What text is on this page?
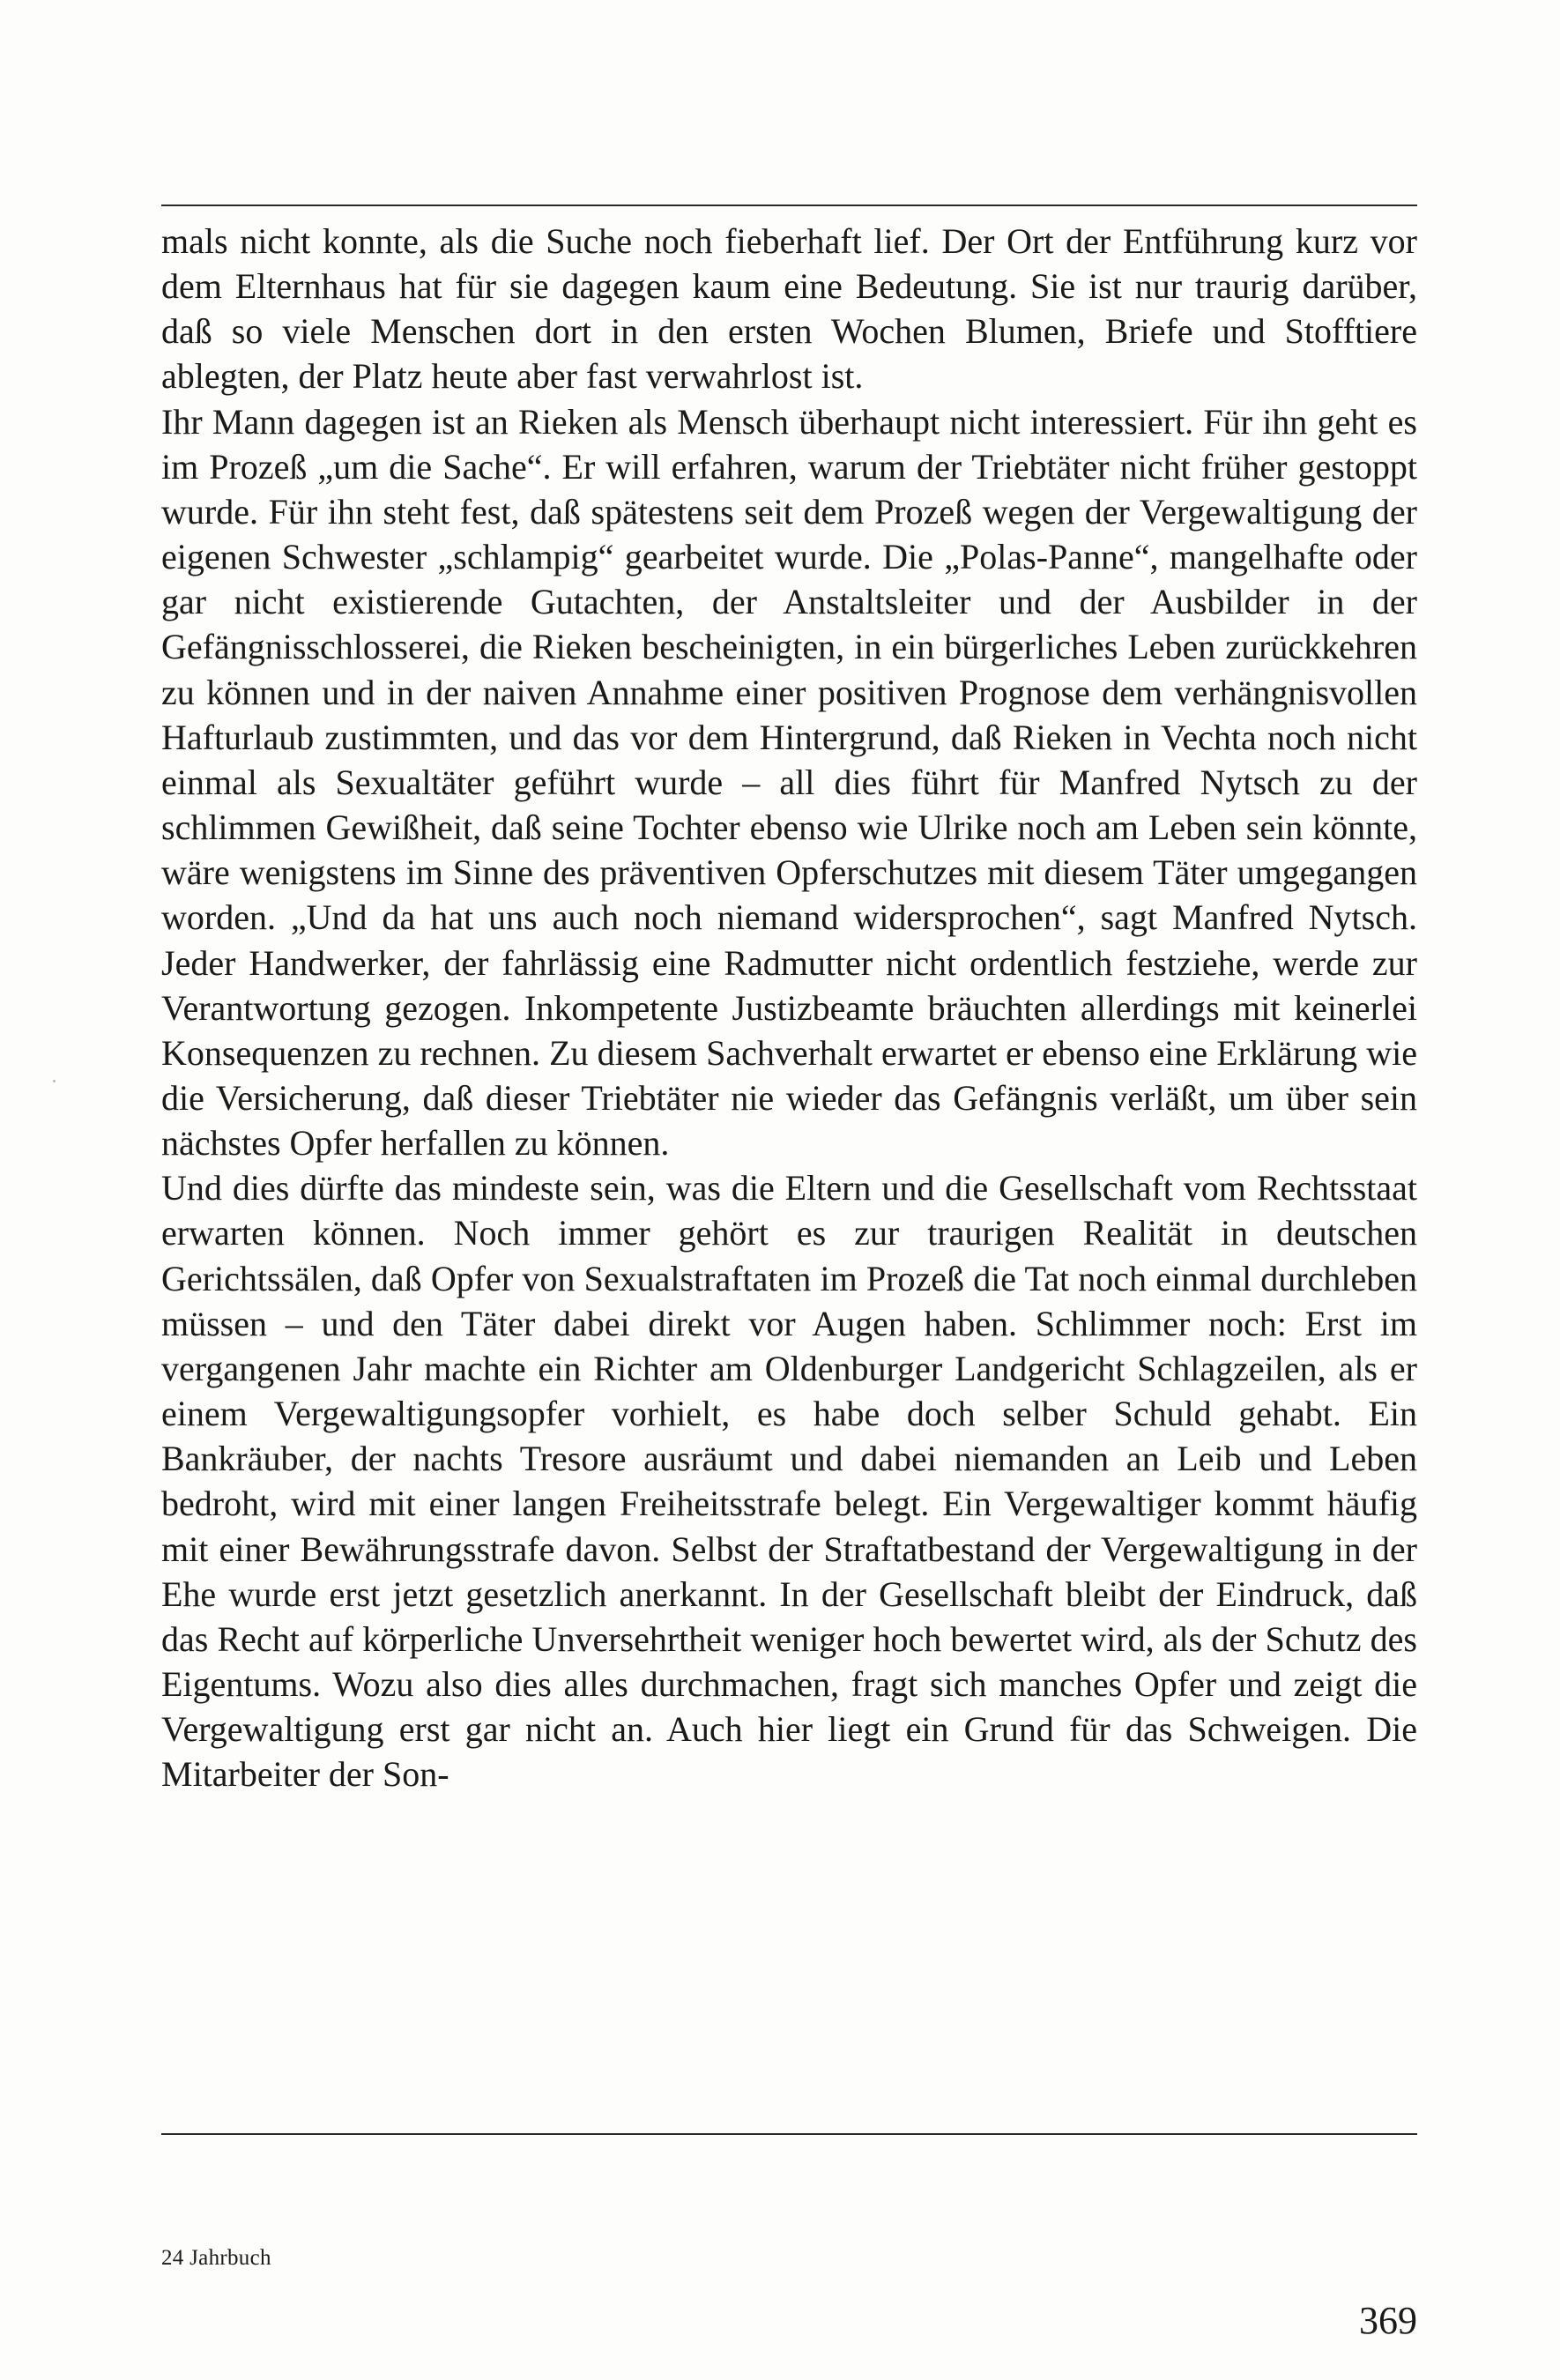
mals nicht konnte, als die Suche noch fieberhaft lief. Der Ort der Entführung kurz vor dem Elternhaus hat für sie dagegen kaum eine Bedeutung. Sie ist nur traurig darüber, daß so viele Menschen dort in den ersten Wochen Blumen, Briefe und Stofftiere ablegten, der Platz heute aber fast verwahrlost ist.

Ihr Mann dagegen ist an Rieken als Mensch überhaupt nicht interessiert. Für ihn geht es im Prozeß „um die Sache“. Er will erfahren, warum der Triebtäter nicht früher gestoppt wurde. Für ihn steht fest, daß spätestens seit dem Prozeß wegen der Vergewaltigung der eigenen Schwester „schlampig“ gearbeitet wurde. Die „Polas-Panne“, mangelhafte oder gar nicht existierende Gutachten, der Anstaltsleiter und der Ausbilder in der Gefängnisschlosserei, die Rieken bescheinigten, in ein bürgerliches Leben zurückkehren zu können und in der naiven Annahme einer positiven Prognose dem verhängnisvollen Hafturlaub zustimmten, und das vor dem Hintergrund, daß Rieken in Vechta noch nicht einmal als Sexualtäter geführt wurde – all dies führt für Manfred Nytsch zu der schlimmen Gewißheit, daß seine Tochter ebenso wie Ulrike noch am Leben sein könnte, wäre wenigstens im Sinne des präventiven Opferschutzes mit diesem Täter umgegangen worden. „Und da hat uns auch noch niemand widersprochen“, sagt Manfred Nytsch. Jeder Handwerker, der fahrlässig eine Radmutter nicht ordentlich festziehe, werde zur Verantwortung gezogen. Inkompetente Justizbeamte bräuchten allerdings mit keinerlei Konsequenzen zu rechnen. Zu diesem Sachverhalt erwartet er ebenso eine Erklärung wie die Versicherung, daß dieser Triebtäter nie wieder das Gefängnis verläßt, um über sein nächstes Opfer herfallen zu können.

Und dies dürfte das mindeste sein, was die Eltern und die Gesellschaft vom Rechtsstaat erwarten können. Noch immer gehört es zur traurigen Realität in deutschen Gerichtssälen, daß Opfer von Sexualstraftaten im Prozeß die Tat noch einmal durchleben müssen – und den Täter dabei direkt vor Augen haben. Schlimmer noch: Erst im vergangenen Jahr machte ein Richter am Oldenburger Landgericht Schlagzeilen, als er einem Vergewaltigungsopfer vorhielt, es habe doch selber Schuld gehabt. Ein Bankräuber, der nachts Tresore ausräumt und dabei niemanden an Leib und Leben bedroht, wird mit einer langen Freiheitsstrafe belegt. Ein Vergewaltiger kommt häufig mit einer Bewährungsstrafe davon. Selbst der Straftatbestand der Vergewaltigung in der Ehe wurde erst jetzt gesetzlich anerkannt. In der Gesellschaft bleibt der Eindruck, daß das Recht auf körperliche Unversehrtheit weniger hoch bewertet wird, als der Schutz des Eigentums. Wozu also dies alles durchmachen, fragt sich manches Opfer und zeigt die Vergewaltigung erst gar nicht an. Auch hier liegt ein Grund für das Schweigen. Die Mitarbeiter der Son-

24 Jahrbuch
369
